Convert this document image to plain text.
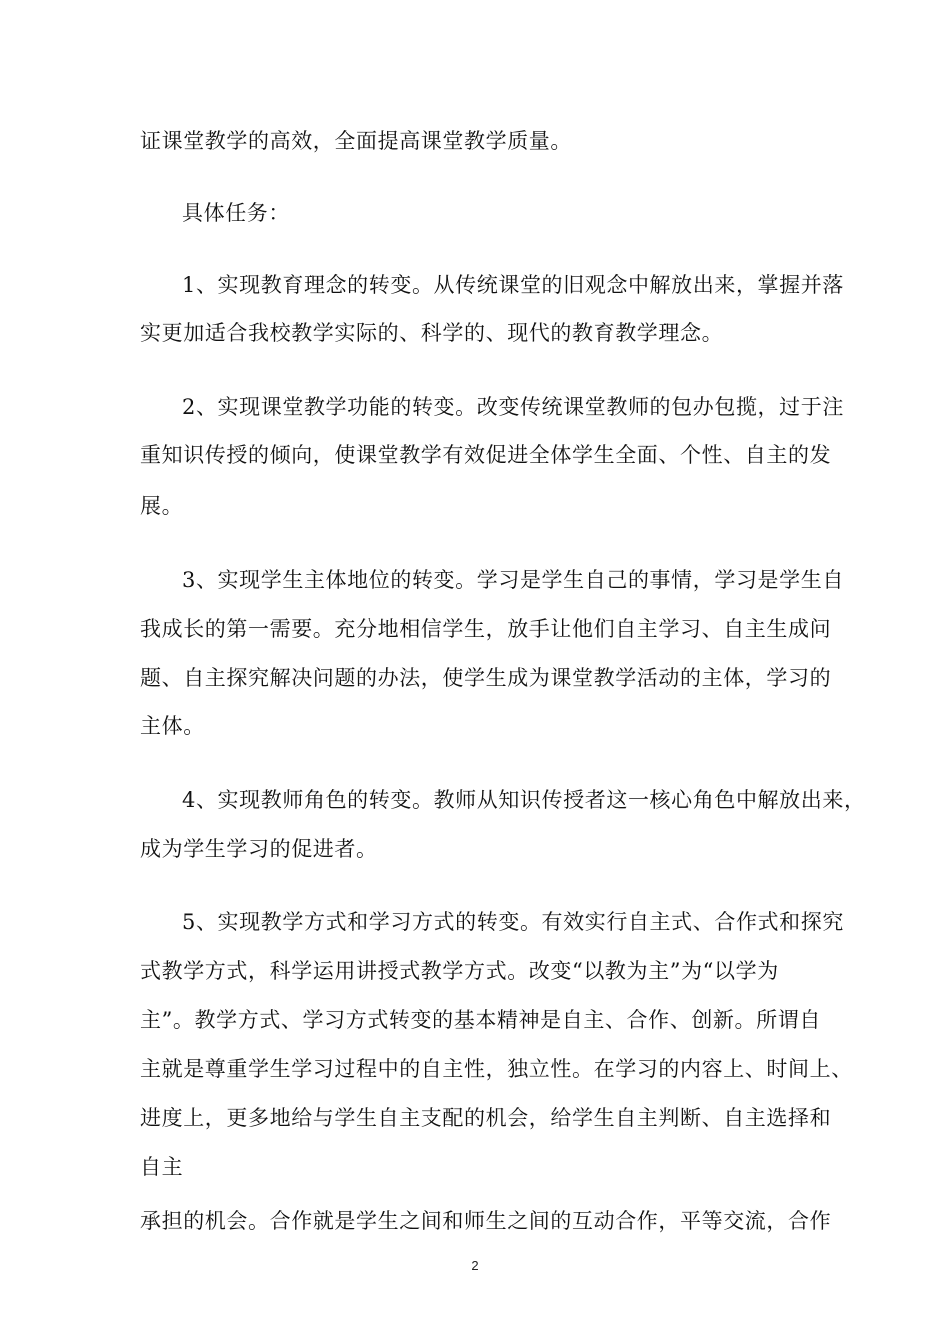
证课堂教学的高效，全面提高课堂教学质量。
具体任务：
1、实现教育理念的转变。从传统课堂的旧观念中解放出来，掌握并落
实更加适合我校教学实际的、科学的、现代的教育教学理念。
2、实现课堂教学功能的转变。改变传统课堂教师的包办包揽，过于注
重知识传授的倾向，使课堂教学有效促进全体学生全面、个性、自主的发
展。
3、实现学生主体地位的转变。学习是学生自己的事情，学习是学生自
我成长的第一需要。充分地相信学生，放手让他们自主学习、自主生成问
题、自主探究解决问题的办法，使学生成为课堂教学活动的主体，学习的
主体。
4、实现教师角色的转变。教师从知识传授者这一核心角色中解放出来，
成为学生学习的促进者。
5、实现教学方式和学习方式的转变。有效实行自主式、合作式和探究
式教学方式，科学运用讲授式教学方式。改变“以教为主”为“以学为
主”。教学方式、学习方式转变的基本精神是自主、合作、创新。所谓自
主就是尊重学生学习过程中的自主性，独立性。在学习的内容上、时间上、
进度上，更多地给与学生自主支配的机会，给学生自主判断、自主选择和
自主
承担的机会。合作就是学生之间和师生之间的互动合作，平等交流，合作
2
